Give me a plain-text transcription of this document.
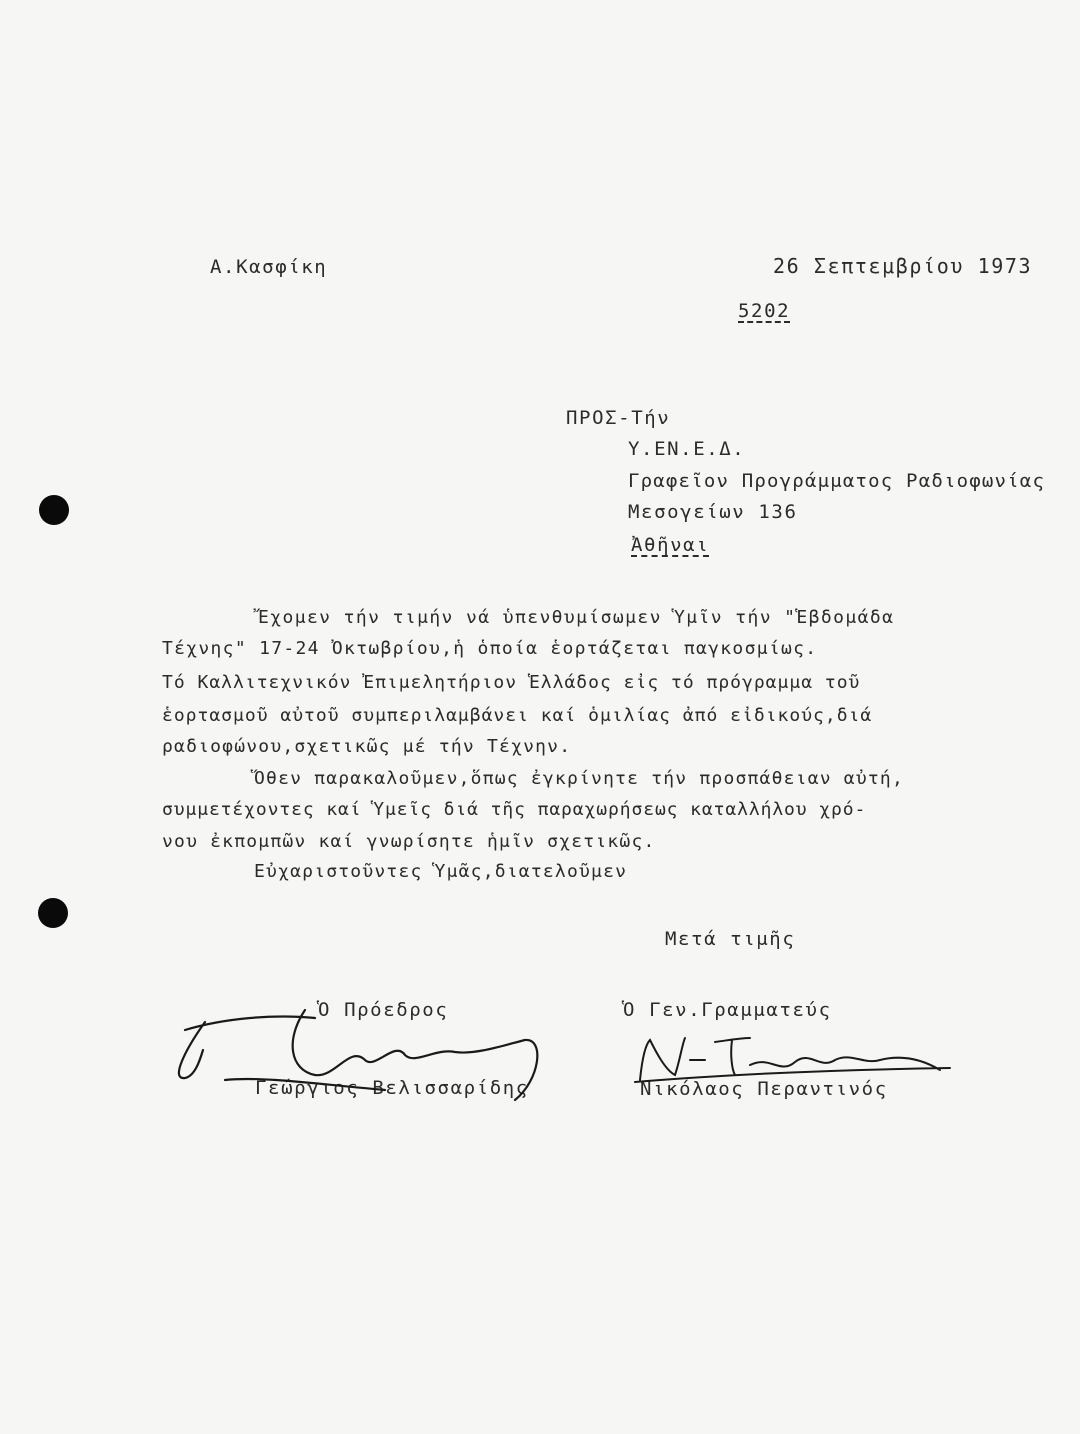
Α.Κασφίκη	26 Σεπτεμβρίου 1973
5202
ΠΡΟΣ-Τήν
Υ.ΕΝ.Ε.Δ.
Γραφεῖον Προγράμματος Ραδιοφωνίας
Μεσογείων 136
Ἀθῆναι
Ἔχομεν τήν τιμήν νά ὑπενθυμίσωμεν Ὑμῖν τήν "Ἑβδομάδα
Τέχνης" 17-24 Ὀκτωβρίου,ἡ ὁποία ἑορτάζεται παγκοσμίως.
Τό Καλλιτεχνικόν Ἐπιμελητήριον Ἑλλάδος εἰς τό πρόγραμμα τοῦ
ἑορτασμοῦ αὐτοῦ συμπεριλαμβάνει καί ὁμιλίας ἀπό εἰδικούς,διά
ραδιοφώνου,σχετικῶς μέ τήν Τέχνην.
Ὅθεν παρακαλοῦμεν,ὅπως ἐγκρίνητε τήν προσπάθειαν αὐτή,
συμμετέχοντες καί Ὑμεῖς διά τῆς παραχωρήσεως καταλλήλου χρό-
νου ἐκπομπῶν καί γνωρίσητε ἡμῖν σχετικῶς.
Εὐχαριστοῦντες Ὑμᾶς,διατελοῦμεν
Μετά τιμῆς
Ὁ Πρόεδρος
Γεώργιος Βελισσαρίδης
Ὁ Γεν.Γραμματεύς
Νικόλαος Περαντινός
